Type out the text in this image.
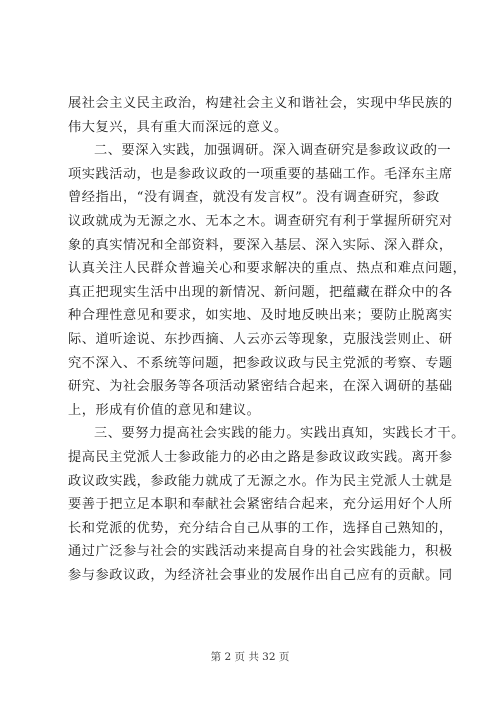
展社会主义民主政治，构建社会主义和谐社会，实现中华民族的
伟大复兴，具有重大而深远的意义。
二、要深入实践，加强调研。深入调查研究是参政议政的一
项实践活动，也是参政议政的一项重要的基础工作。毛泽东主席
曾经指出，“没有调查，就没有发言权”。没有调查研究，参政
议政就成为无源之水、无本之木。调查研究有利于掌握所研究对
象的真实情况和全部资料，要深入基层、深入实际、深入群众，
认真关注人民群众普遍关心和要求解决的重点、热点和难点问题，
真正把现实生活中出现的新情况、新问题，把蕴藏在群众中的各
种合理性意见和要求，如实地、及时地反映出来；要防止脱离实
际、道听途说、东抄西摘、人云亦云等现象，克服浅尝则止、研
究不深入、不系统等问题，把参政议政与民主党派的考察、专题
研究、为社会服务等各项活动紧密结合起来，在深入调研的基础
上，形成有价值的意见和建议。
三、要努力提高社会实践的能力。实践出真知，实践长才干。
提高民主党派人士参政能力的必由之路是参政议政实践。离开参
政议政实践，参政能力就成了无源之水。作为民主党派人士就是
要善于把立足本职和奉献社会紧密结合起来，充分运用好个人所
长和党派的优势，充分结合自己从事的工作，选择自己熟知的，
通过广泛参与社会的实践活动来提高自身的社会实践能力，积极
参与参政议政，为经济社会事业的发展作出自己应有的贡献。同
第 2 页 共 32 页
